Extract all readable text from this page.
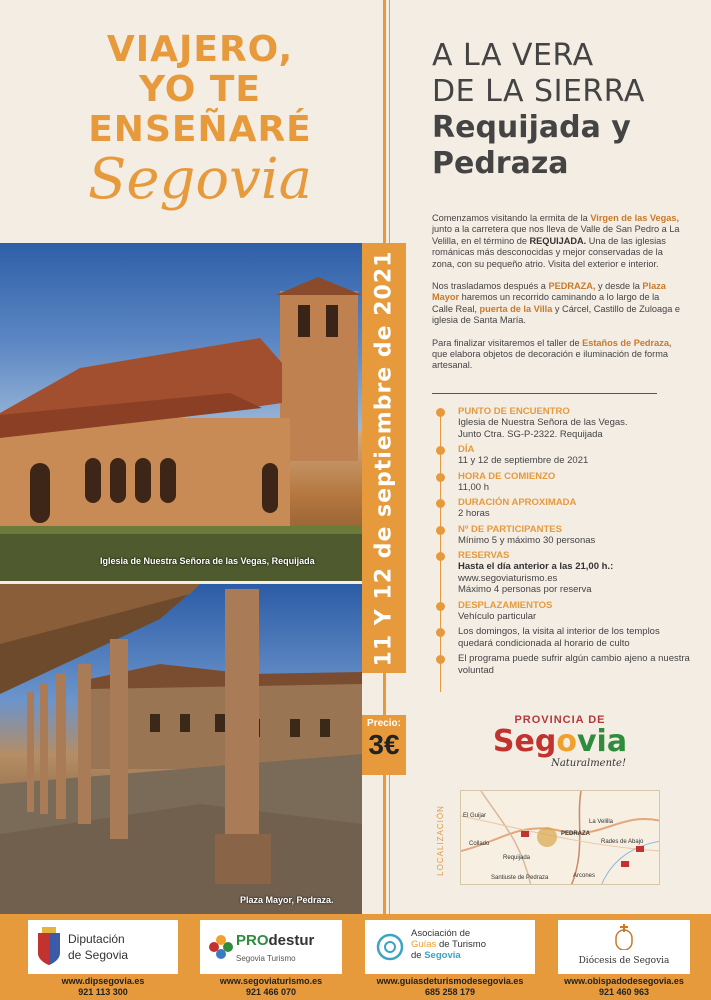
VIAJERO,
YO TE
ENSEÑARÉ
Segovia
Iglesia de Nuestra Señora de las Vegas, Requijada
Plaza Mayor, Pedraza.
11 Y 12 de septiembre de 2021
Precio:
3€
A LA VERA
DE LA SIERRA
Requijada y
Pedraza

Comenzamos visitando la ermita de la Virgen de las Vegas, junto a la carretera que nos lleva de Valle de San Pedro a La Velilla, en el término de REQUIJADA. Una de las iglesias románicas más desconocidas y mejor conservadas de la zona, con su pequeño atrio. Visita del exterior e interior.

Nos trasladamos después a PEDRAZA, y desde la Plaza Mayor haremos un recorrido caminando a lo largo de la Calle Real, puerta de la Villa y Cárcel, Castillo de Zuloaga e iglesia de Santa María.

Para finalizar visitaremos el taller de Estaños de Pedraza, que elabora objetos de decoración e iluminación de forma artesanal.

PUNTO DE ENCUENTRO
Iglesia de Nuestra Señora de las Vegas.
Junto Ctra. SG-P-2322. Requijada
DÍA
11 y 12 de septiembre de 2021
HORA DE COMIENZO
11,00 h
DURACIÓN APROXIMADA
2 horas
Nº DE PARTICIPANTES
Mínimo 5 y máximo 30 personas
RESERVAS
Hasta el día anterior a las 21,00 h.:
www.segoviaturismo.es
Máximo 4 personas por reserva
DESPLAZAMIENTOS
Vehículo particular
Los domingos, la visita al interior de los templos quedará condicionada al horario de culto
El programa puede sufrir algún cambio ajeno a nuestra voluntad
PROVINCIA DE
Segovia
Naturalmente!
LOCALIZACIÓN	El Guijar
La Velilla
PEDRAZA
Rades de Abajo
Collado
Requijada
Santiuste de Pedraza	Arcones
Diputación
de Segovia
www.dipsegovia.es
921 113 300
PROdestur
Segovia Turismo
www.segoviaturismo.es
921 466 070
Asociación de
Guías de Turismo
de Segovia
www.guiasdeturismodesegovia.es
685 258 179
Diócesis de Segovia
www.obispadodesegovia.es
921 460 963
